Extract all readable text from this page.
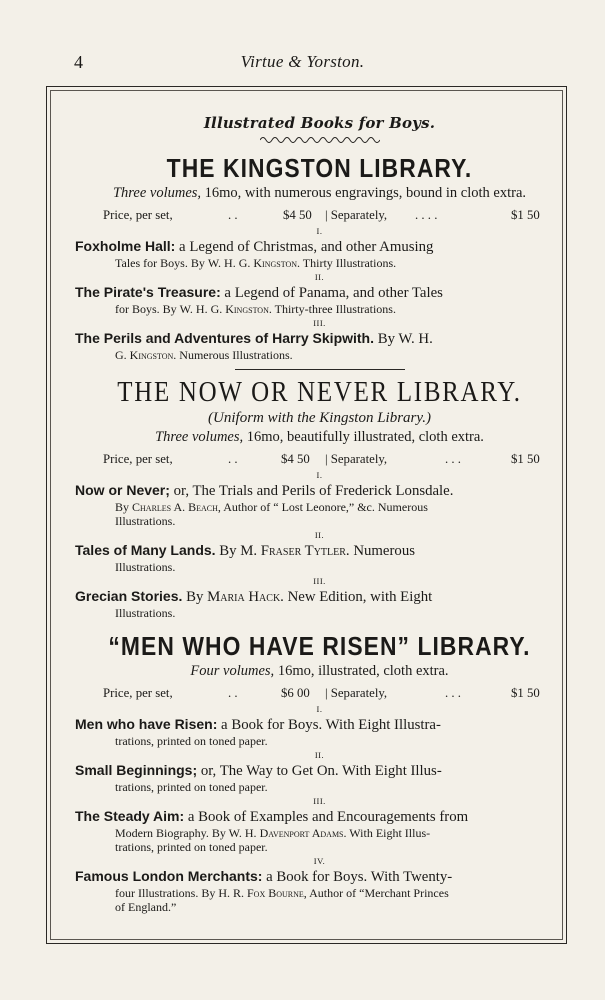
4	Virtue & Yorston.
Illustrated Books for Boys.
THE KINGSTON LIBRARY.
Three volumes, 16mo, with numerous engravings, bound in cloth extra.
Price, per set,	. .	$4 50 | Separately, . . . .	$1 50
I.
Foxholme Hall: a Legend of Christmas, and other Amusing
Tales for Boys. By W. H. G. Kingston. Thirty Illustrations.
II.
The Pirate's Treasure: a Legend of Panama, and other Tales
for Boys. By W. H. G. Kingston. Thirty-three Illustrations.
III.
The Perils and Adventures of Harry Skipwith. By W. H.
G. Kingston. Numerous Illustrations.
THE NOW OR NEVER LIBRARY.
(Uniform with the Kingston Library.)
Three volumes, 16mo, beautifully illustrated, cloth extra.
Price, per set,	. .	$4 50 | Separately,	. . .	$1 50
I.
Now or Never; or, The Trials and Perils of Frederick Lonsdale.
By Charles A. Beach, Author of “ Lost Leonore,” &c. Numerous
Illustrations.
II.
Tales of Many Lands. By M. Fraser Tytler. Numerous
Illustrations.
III.
Grecian Stories. By Maria Hack. New Edition, with Eight
Illustrations.
“MEN WHO HAVE RISEN” LIBRARY.
Four volumes, 16mo, illustrated, cloth extra.
Price, per set,	. .	$6 00 | Separately,	. . .	$1 50
I.
Men who have Risen: a Book for Boys. With Eight Illustra-
trations, printed on toned paper.
II.
Small Beginnings; or, The Way to Get On. With Eight Illus-
trations, printed on toned paper.
III.
The Steady Aim: a Book of Examples and Encouragements from
Modern Biography. By W. H. Davenport Adams. With Eight Illus-
trations, printed on toned paper.
IV.
Famous London Merchants: a Book for Boys. With Twenty-
four Illustrations. By H. R. Fox Bourne, Author of “Merchant Princes
of England.”
